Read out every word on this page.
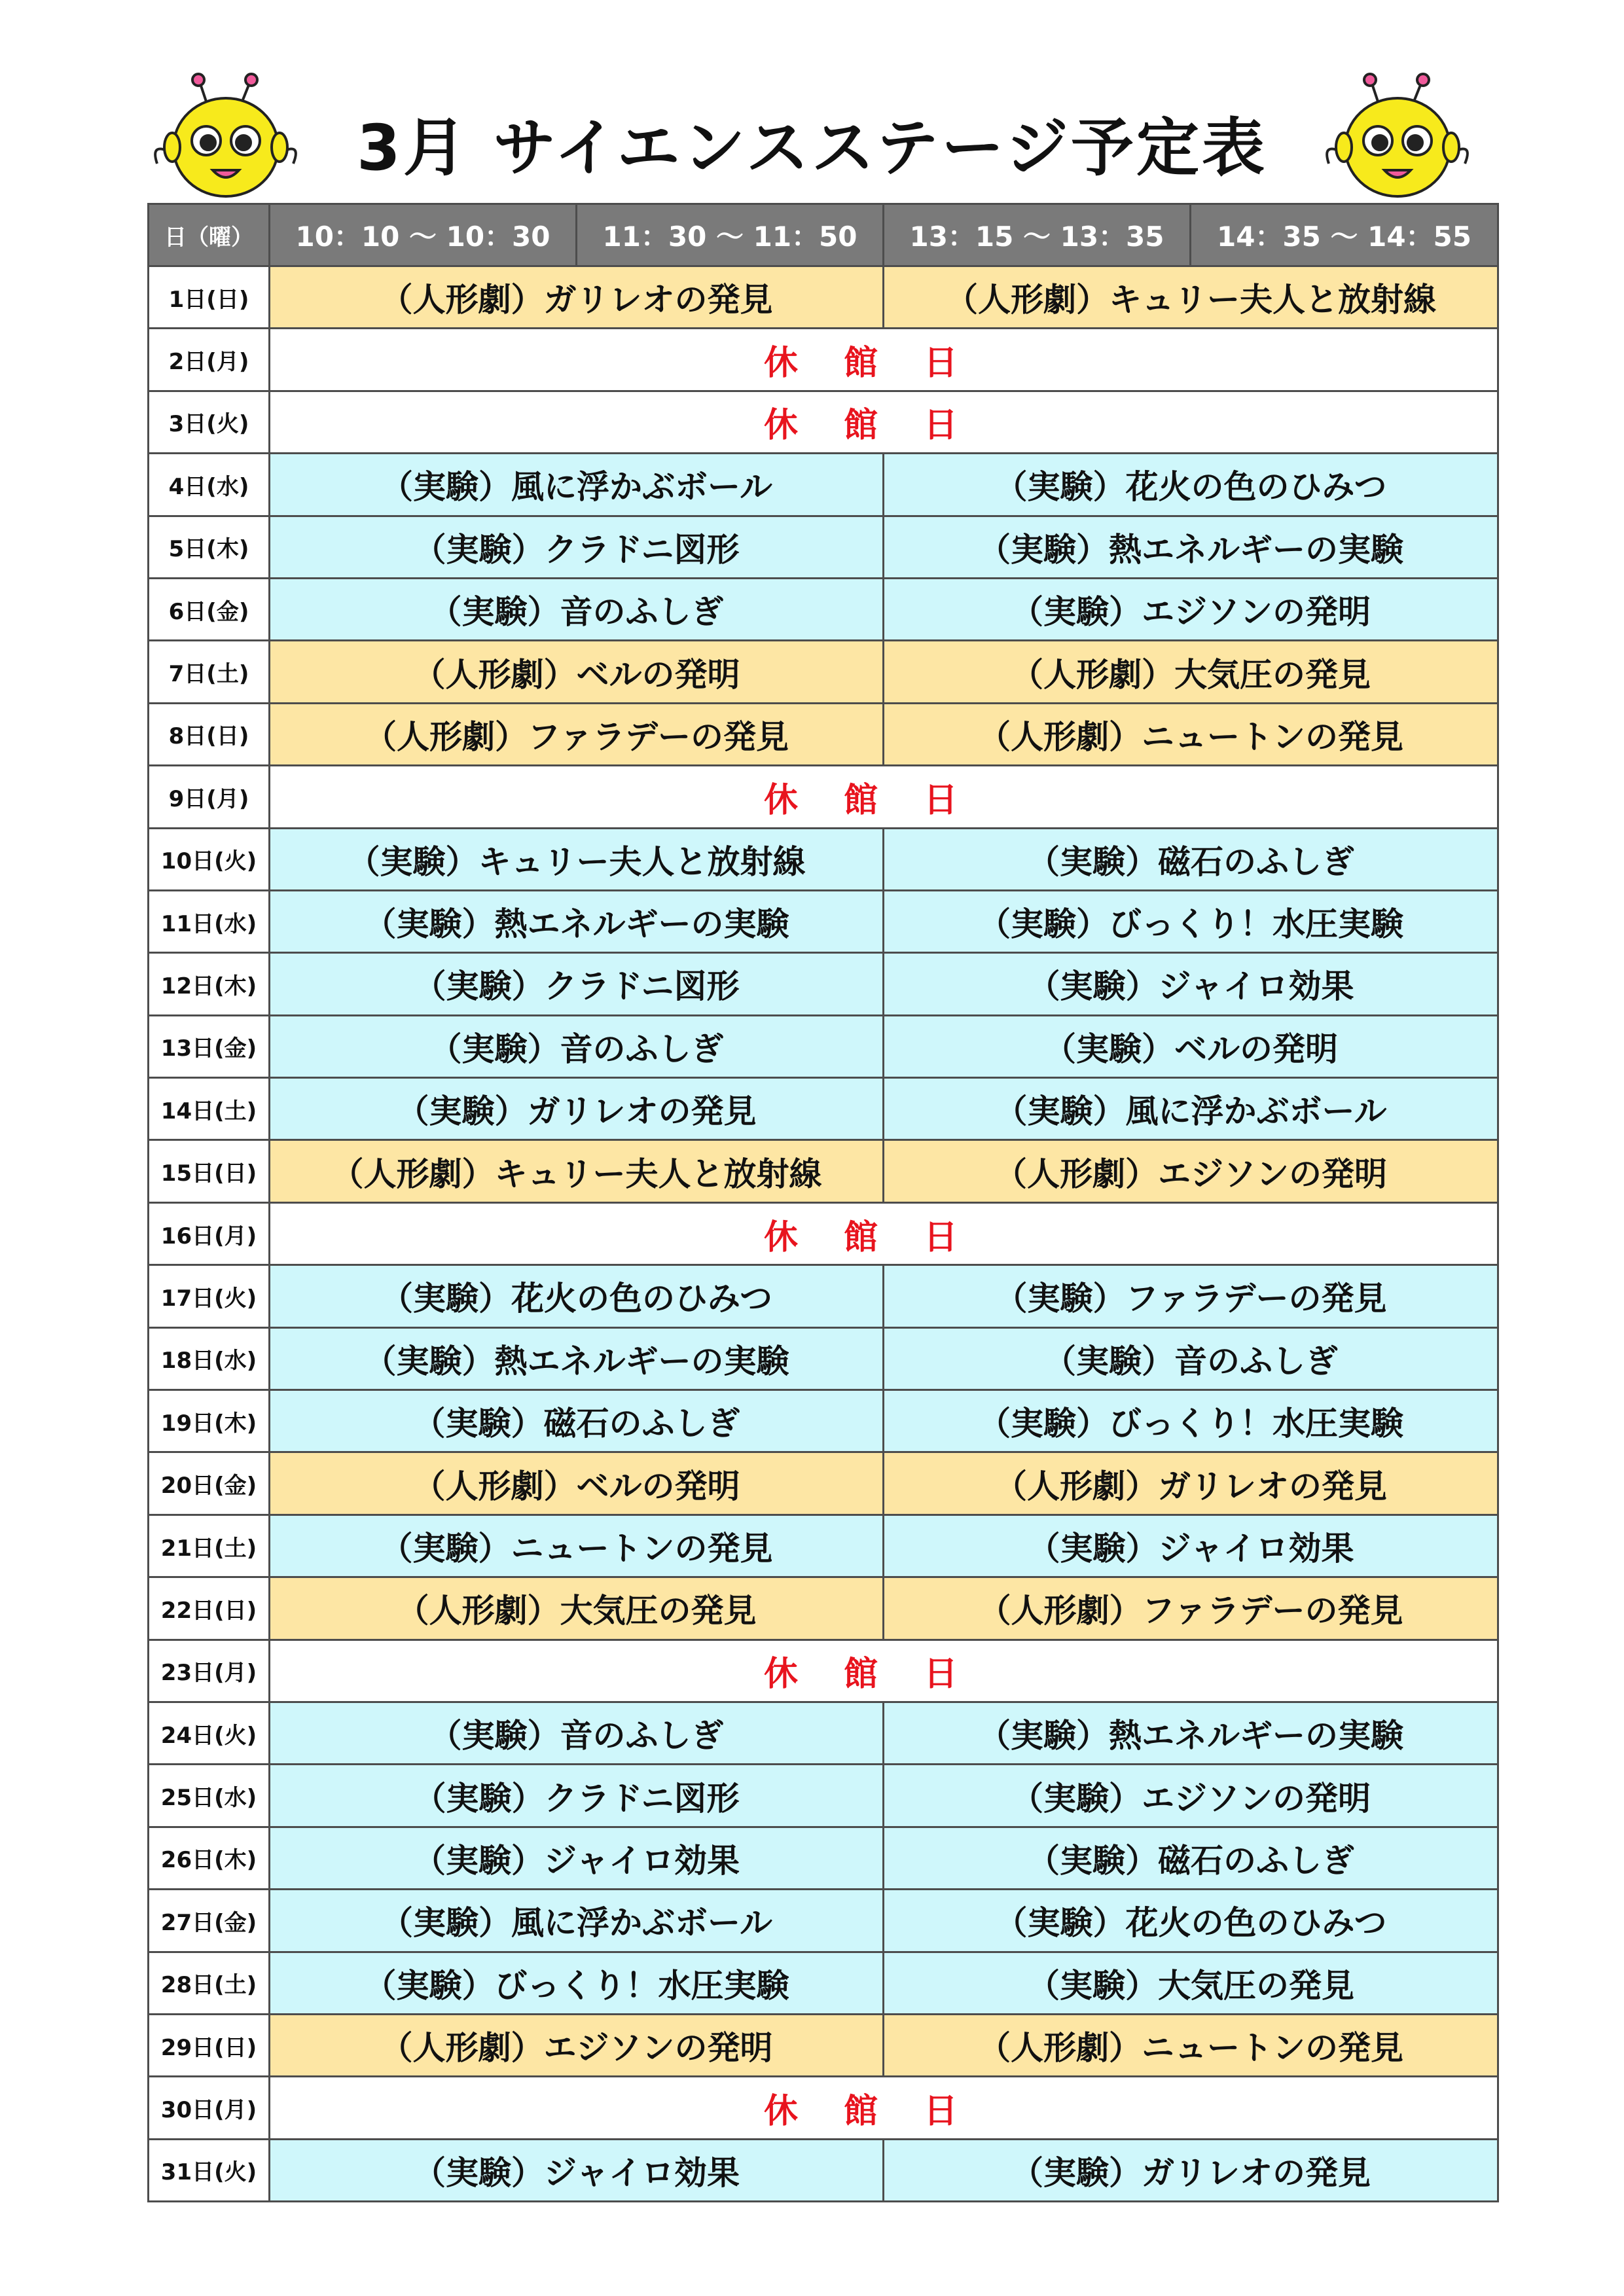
3月 サイエンスステージ予定表
日（曜）	10：10 〜 10：30	11：30 〜 11：50	13：15 〜 13：35	14：35 〜 14：55
1日(日)	（人形劇）ガリレオの発見		（人形劇）キュリー夫人と放射線	
2日(月)	休館日			
3日(火)	休館日			
4日(水)	（実験）風に浮かぶボール		（実験）花火の色のひみつ	
5日(木)	（実験）クラドニ図形		（実験）熱エネルギーの実験	
6日(金)	（実験）音のふしぎ		（実験）エジソンの発明	
7日(土)	（人形劇）ベルの発明		（人形劇）大気圧の発見	
8日(日)	（人形劇）ファラデーの発見		（人形劇）ニュートンの発見	
9日(月)	休館日			
10日(火)	（実験）キュリー夫人と放射線		（実験）磁石のふしぎ	
11日(水)	（実験）熱エネルギーの実験		（実験）びっくり！水圧実験	
12日(木)	（実験）クラドニ図形		（実験）ジャイロ効果	
13日(金)	（実験）音のふしぎ		（実験）ベルの発明	
14日(土)	（実験）ガリレオの発見		（実験）風に浮かぶボール	
15日(日)	（人形劇）キュリー夫人と放射線		（人形劇）エジソンの発明	
16日(月)	休館日			
17日(火)	（実験）花火の色のひみつ		（実験）ファラデーの発見	
18日(水)	（実験）熱エネルギーの実験		（実験）音のふしぎ	
19日(木)	（実験）磁石のふしぎ		（実験）びっくり！水圧実験	
20日(金)	（人形劇）ベルの発明		（人形劇）ガリレオの発見	
21日(土)	（実験）ニュートンの発見		（実験）ジャイロ効果	
22日(日)	（人形劇）大気圧の発見		（人形劇）ファラデーの発見	
23日(月)	休館日			
24日(火)	（実験）音のふしぎ		（実験）熱エネルギーの実験	
25日(水)	（実験）クラドニ図形		（実験）エジソンの発明	
26日(木)	（実験）ジャイロ効果		（実験）磁石のふしぎ	
27日(金)	（実験）風に浮かぶボール		（実験）花火の色のひみつ	
28日(土)	（実験）びっくり！水圧実験		（実験）大気圧の発見	
29日(日)	（人形劇）エジソンの発明		（人形劇）ニュートンの発見	
30日(月)	休館日			
31日(火)	（実験）ジャイロ効果		（実験）ガリレオの発見	
